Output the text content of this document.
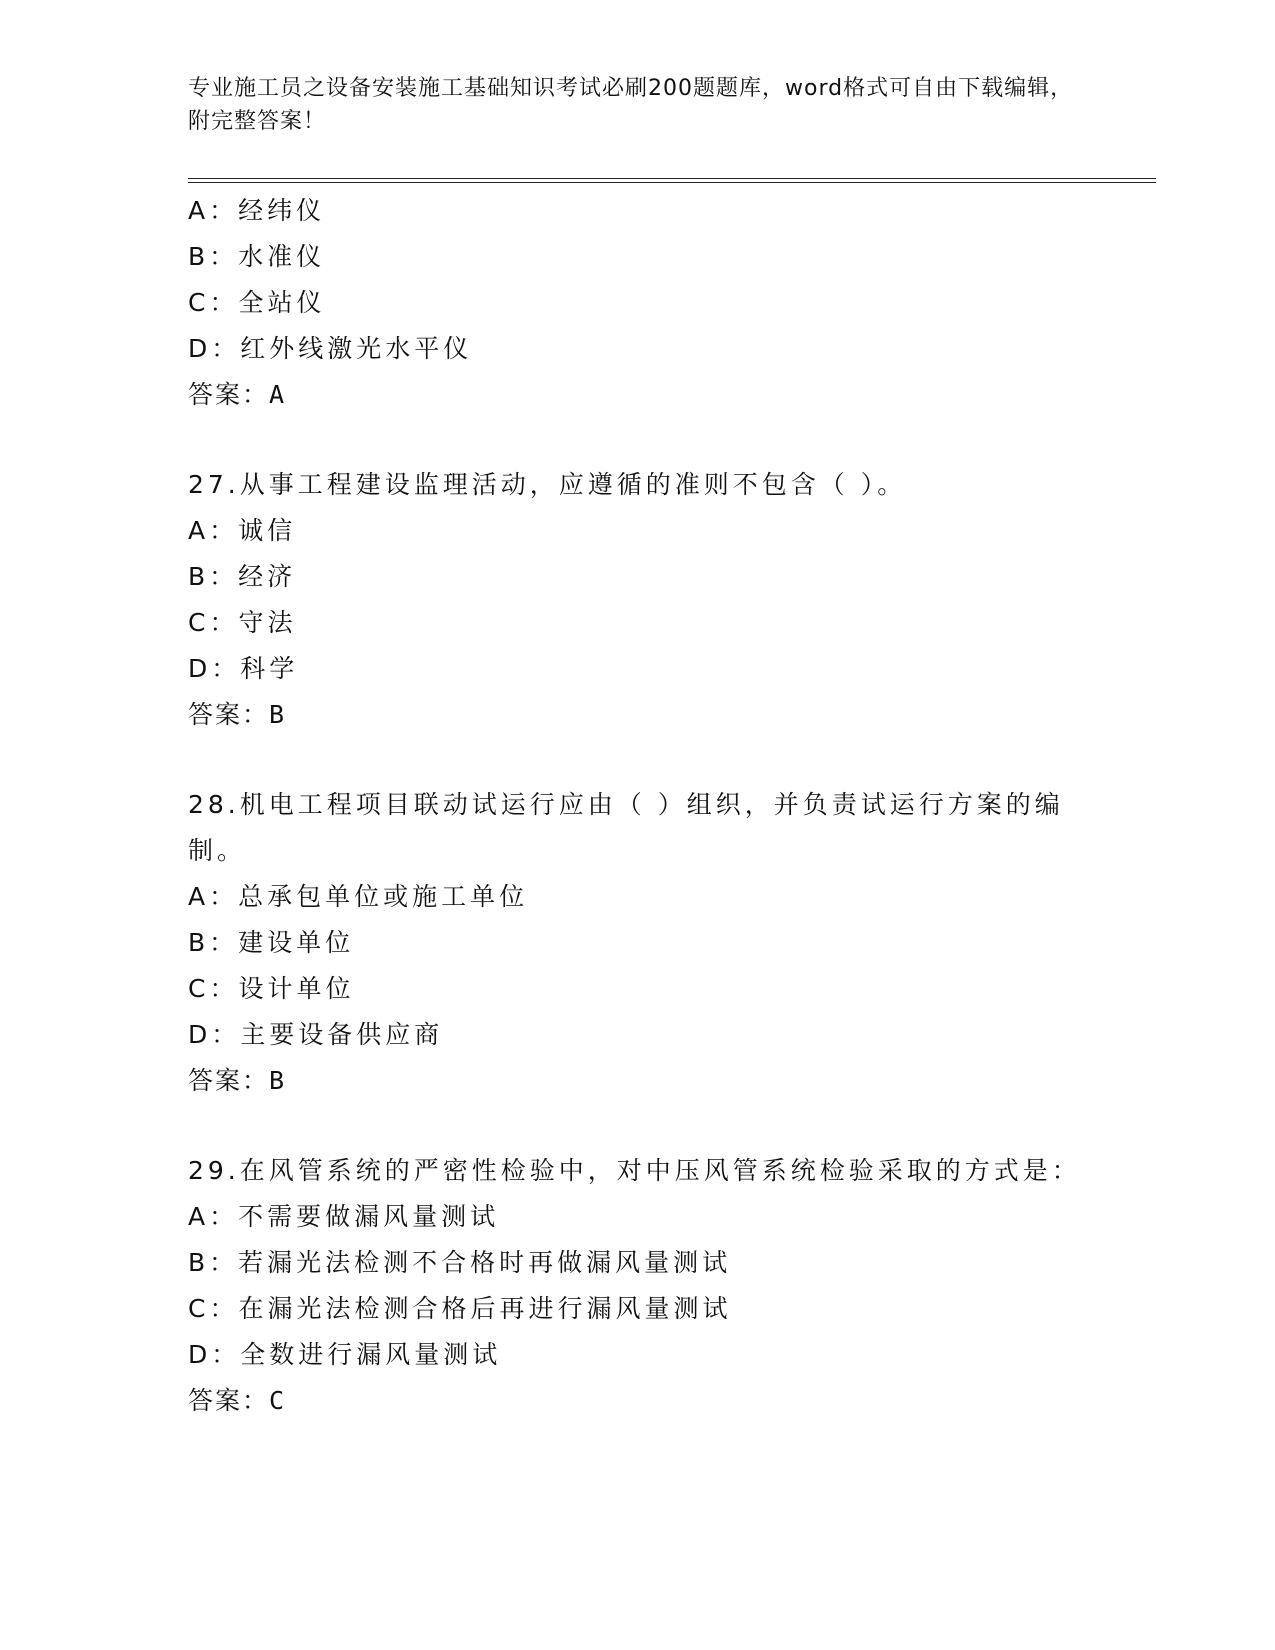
专业施工员之设备安装施工基础知识考试必刷200题题库，word格式可自由下载编辑，附完整答案！
A：经纬仪
B：水准仪
C：全站仪
D：红外线激光水平仪
答案：A
27.从事工程建设监理活动，应遵循的准则不包含（ ）。
A：诚信
B：经济
C：守法
D：科学
答案：B
28.机电工程项目联动试运行应由（ ）组织，并负责试运行方案的编制。
A：总承包单位或施工单位
B：建设单位
C：设计单位
D：主要设备供应商
答案：B
29.在风管系统的严密性检验中，对中压风管系统检验采取的方式是：
A：不需要做漏风量测试
B：若漏光法检测不合格时再做漏风量测试
C：在漏光法检测合格后再进行漏风量测试
D：全数进行漏风量测试
答案：C
